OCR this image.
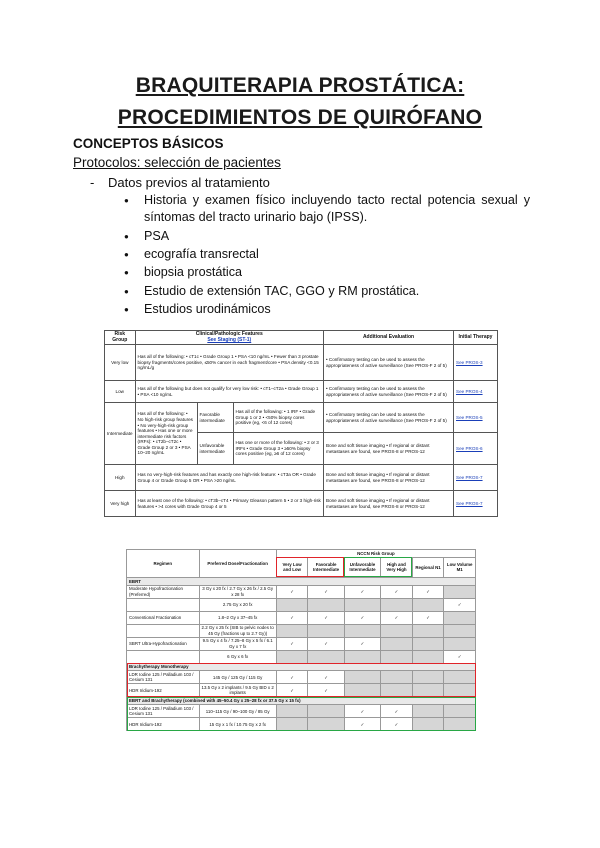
BRAQUITERAPIA PROSTÁTICA:
PROCEDIMIENTOS DE QUIRÓFANO
CONCEPTOS BÁSICOS
Protocolos: selección de pacientes
- Datos previos al tratamiento
● Historia y examen físico incluyendo tacto rectal potencia sexual y síntomas del tracto urinario bajo (IPSS).
● PSA
● ecografía transrectal
● biopsia prostática
● Estudio de extensión TAC, GGO y RM prostática.
● Estudios urodinámicos
Risk Group	Clinical/Pathologic Features
See Staging (ST-1)			Additional Evaluation	Initial Therapy
Very low	Has all of the following: • cT1c • Grade Group 1 • PSA <10 ng/mL • Fewer than 3 prostate biopsy fragments/cores positive, ≤50% cancer in each fragment/core • PSA density <0.15 ng/mL/g			• Confirmatory testing can be used to assess the appropriateness of active surveillance (See PROS-F 2 of 5)	See PROS-3
Low	Has all of the following but does not qualify for very low risk: • cT1–cT2a • Grade Group 1 • PSA <10 ng/mL			• Confirmatory testing can be used to assess the appropriateness of active surveillance (See PROS-F 2 of 5)	See PROS-4
Intermediate	Has all of the following: • No high-risk group features • No very-high-risk group features • Has one or more intermediate risk factors (IRFs): • cT2b–cT2c • Grade Group 2 or 3 • PSA 10–20 ng/mL	Favorable intermediate	Has all of the following: • 1 IRF • Grade Group 1 or 2 • <50% biopsy cores positive (eg, <6 of 12 cores)	• Confirmatory testing can be used to assess the appropriateness of active surveillance (See PROS-F 2 of 5)	See PROS-5
		Unfavorable intermediate	Has one or more of the following: • 2 or 3 IRFs • Grade Group 3 • ≥50% biopsy cores positive (eg, ≥6 of 12 cores)	Bone and soft tissue imaging • If regional or distant metastases are found, see PROS-8 or PROS-12	See PROS-6
High	Has no very-high-risk features and has exactly one high-risk feature: • cT3a OR • Grade Group 4 or Grade Group 5 OR • PSA >20 ng/mL			Bone and soft tissue imaging • If regional or distant metastases are found, see PROS-8 or PROS-12	See PROS-7
Very high	Has at least one of the following: • cT3b–cT4 • Primary Gleason pattern 5 • 2 or 3 high-risk features • >4 cores with Grade Group 4 or 5			Bone and soft tissue imaging • If regional or distant metastases are found, see PROS-8 or PROS-12	See PROS-7
Regimen	Preferred Dose/Fractionation	NCCN Risk Group					
		Very Low and Low	Favorable Intermediate	Unfavorable Intermediate	High and Very High	Regional N1	Low Volume M1
EBRT							
Moderate Hypofractionation (Preferred)	3 Gy x 20 fx / 2.7 Gy x 26 fx / 2.5 Gy x 28 fx	✓	✓	✓	✓	✓	
	2.75 Gy x 20 fx						✓
Conventional Fractionation	1.8–2 Gy x 37–45 fx	✓	✓	✓	✓	✓	
	2.2 Gy x 25 fx (SIB to pelvic nodes to 45 Gy (fractions up to 2.7 Gy))						
SBRT Ultra-Hypofractionation	9.5 Gy x 4 fx / 7.25–8 Gy x 5 fx / 6.1 Gy x 7 fx	✓	✓	✓			
	6 Gy x 6 fx						✓
Brachytherapy Monotherapy							
LDR Iodine 125 / Palladium 103 / Cesium 131	145 Gy / 125 Gy / 115 Gy	✓	✓				
HDR Iridium-192	13.5 Gy x 2 implants / 9.5 Gy BID x 2 implants	✓	✓				
EBRT and Brachytherapy (combined with 45–50.4 Gy x 25–28 fx or 37.5 Gy x 15 fx)							
LDR Iodine 125 / Palladium 103 / Cesium 131	110–115 Gy / 90–100 Gy / 85 Gy			✓	✓		
HDR Iridium-192	15 Gy x 1 fx / 10.75 Gy x 2 fx			✓	✓		
